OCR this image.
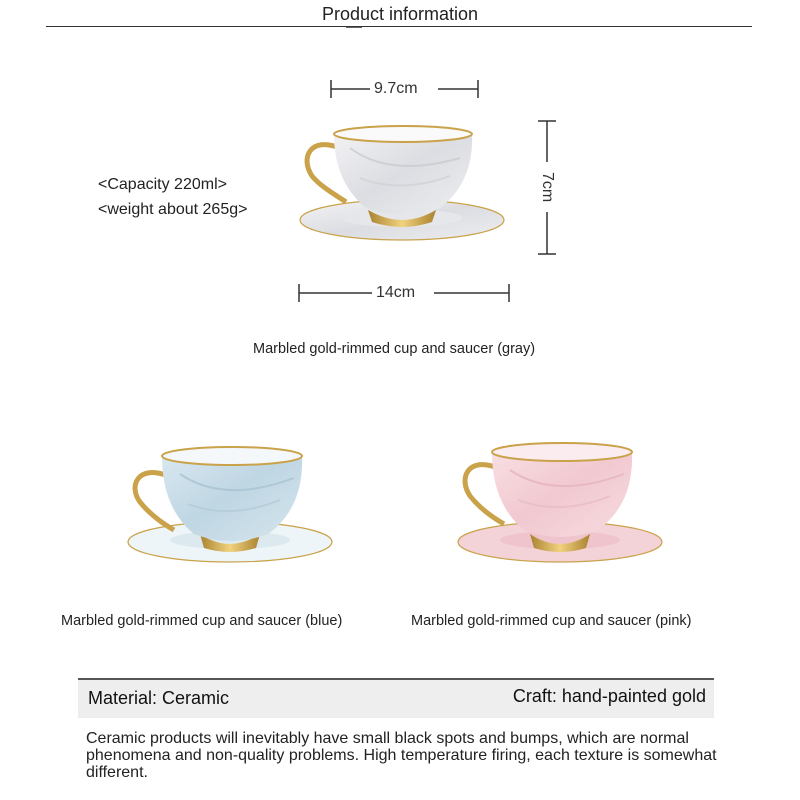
Product information
9.7cm
7cm
14cm
<Capacity 220ml>
<weight about 265g>
Marbled gold-rimmed cup and saucer (gray)
Marbled gold-rimmed cup and saucer (blue)	Marbled gold-rimmed cup and saucer (pink)
Material: Ceramic	Craft: hand-painted gold
Ceramic products will inevitably have small black spots and bumps, which are normal phenomena and non-quality problems. High temperature firing, each texture is somewhat different.
